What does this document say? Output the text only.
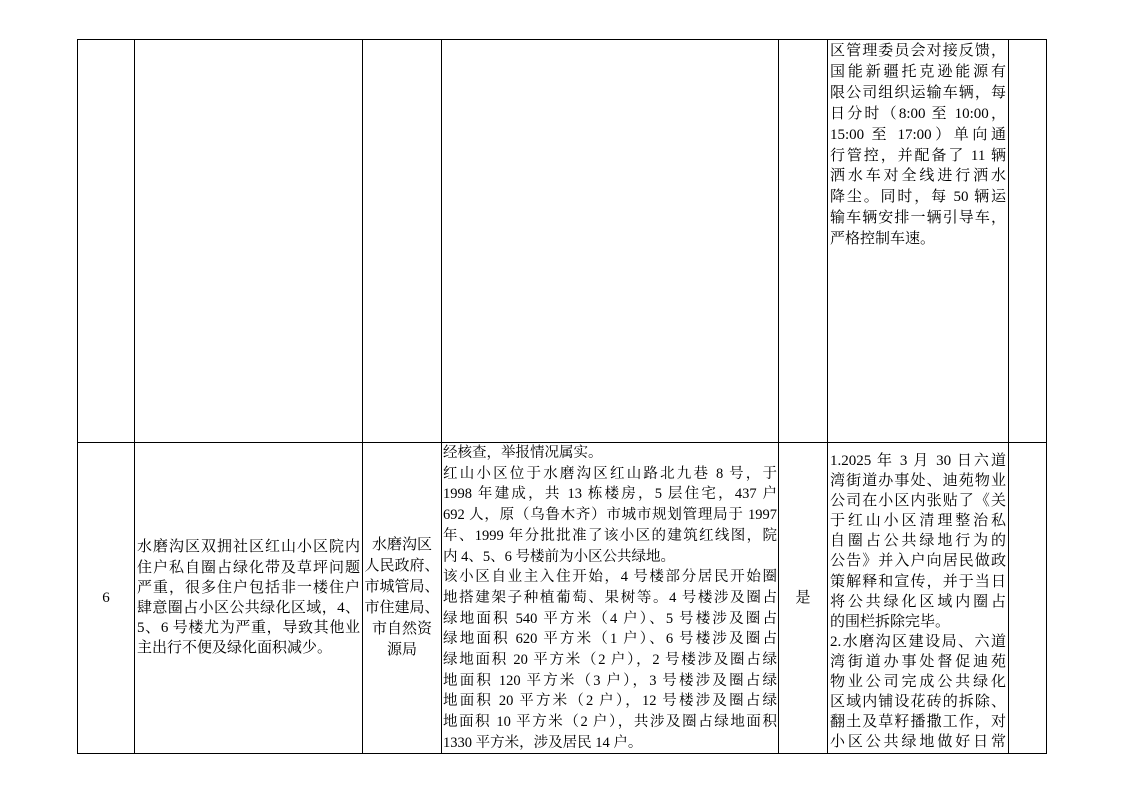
区管理委员会对接反馈，
国能新疆托克逊能源有
限公司组织运输车辆，每
日分时（8:00 至 10:00，
15:00 至 17:00）单向通
行管控，并配备了 11 辆
洒水车对全线进行洒水
降尘。同时，每 50 辆运
输车辆安排一辆引导车，
严格控制车速。
6
水磨沟区双拥社区红山小区院内
住户私自圈占绿化带及草坪问题
严重，很多住户包括非一楼住户
肆意圈占小区公共绿化区域，4、
5、6 号楼尤为严重，导致其他业
主出行不便及绿化面积减少。
水磨沟区
人民政府、
市城管局、
市住建局、
市自然资
源局
经核查，举报情况属实。
红山小区位于水磨沟区红山路北九巷 8 号，于
1998 年建成，共 13 栋楼房，5 层住宅，437 户
692 人，原（乌鲁木齐）市城市规划管理局于 1997
年、1999 年分批批准了该小区的建筑红线图，院
内 4、5、6 号楼前为小区公共绿地。
该小区自业主入住开始，4 号楼部分居民开始圈
地搭建架子种植葡萄、果树等。4 号楼涉及圈占
绿地面积 540 平方米（4 户）、5 号楼涉及圈占
绿地面积 620 平方米（1 户）、6 号楼涉及圈占
绿地面积 20 平方米（2 户），2 号楼涉及圈占绿
地面积 120 平方米（3 户），3 号楼涉及圈占绿
地面积 20 平方米（2 户），12 号楼涉及圈占绿
地面积 10 平方米（2 户），共涉及圈占绿地面积
1330 平方米，涉及居民 14 户。
是
1.2025 年 3 月 30 日六道
湾街道办事处、迪苑物业
公司在小区内张贴了《关
于红山小区清理整治私
自圈占公共绿地行为的
公告》并入户向居民做政
策解释和宣传，并于当日
将公共绿化区域内圈占
的围栏拆除完毕。
2.水磨沟区建设局、六道
湾街道办事处督促迪苑
物业公司完成公共绿化
区域内铺设花砖的拆除、
翻土及草籽播撒工作，对
小区公共绿地做好日常
